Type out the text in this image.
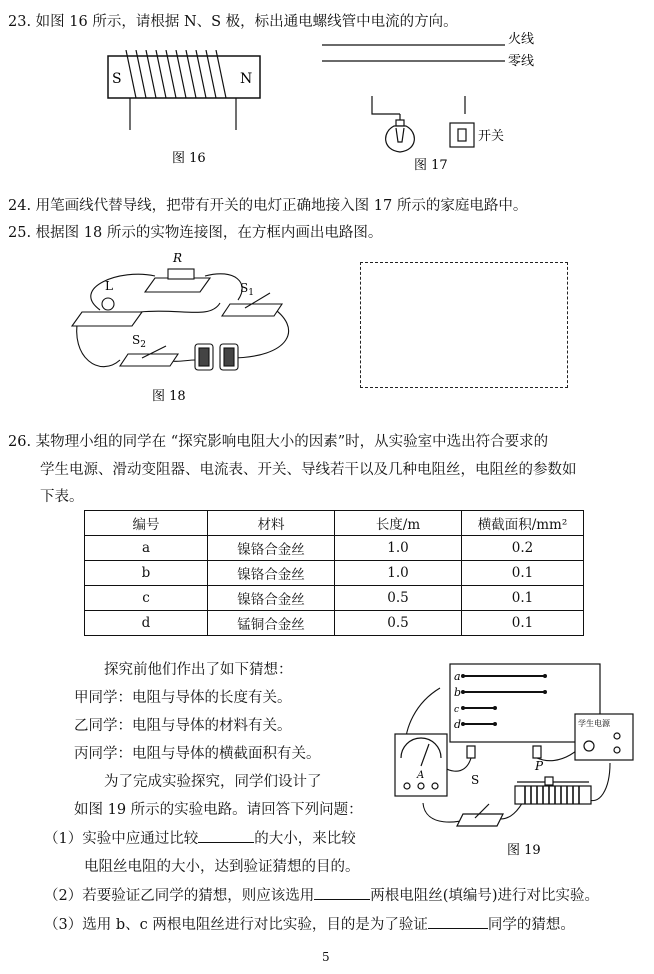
23. 如图 16 所示，请根据 N、S 极，标出通电螺线管中电流的方向。
S	N
图 16
火线
零线
开关
图 17
24. 用笔画线代替导线，把带有开关的电灯正确地接入图 17 所示的家庭电路中。
25. 根据图 18 所示的实物连接图，在方框内画出电路图。
R
L	$S_1$
$S_2$
图 18
26. 某物理小组的同学在 “探究影响电阻大小的因素”时，从实验室中选出符合要求的
学生电源、滑动变阻器、电流表、开关、导线若干以及几种电阻丝，电阻丝的参数如
下表。
编号	材料	长度/m	横截面积/mm²
a	镍铬合金丝	1.0	0.2
b	镍铬合金丝	1.0	0.1
c	镍铬合金丝	0.5	0.1
d	锰铜合金丝	0.5	0.1
探究前他们作出了如下猜想：
甲同学：电阻与导体的长度有关。
乙同学：电阻与导体的材料有关。
丙同学：电阻与导体的横截面积有关。
为了完成实验探究，同学们设计了
如图 19 所示的实验电路。请回答下列问题：
（1）实验中应通过比较	的大小，来比较
电阻丝电阻的大小，达到验证猜想的目的。
（2）若要验证乙同学的猜想，则应该选用	两根电阻丝(填编号)进行对比实验。
（3）选用 b、c 两根电阻丝进行对比实验，目的是为了验证	同学的猜想。
a
b
c
d
A
学生电源
S
P
图 19
5
